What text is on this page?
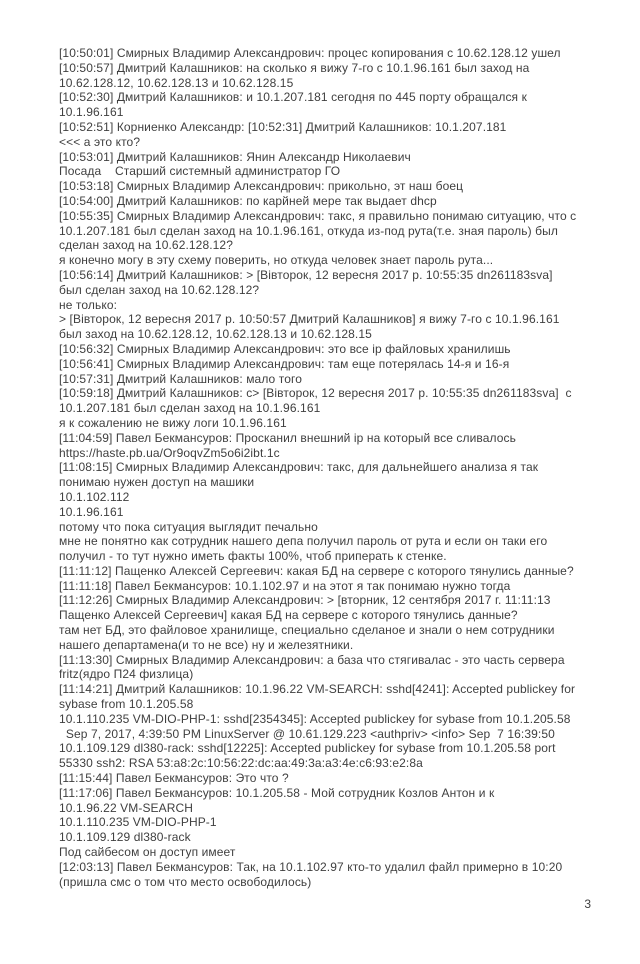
[10:50:01] Смирных Владимир Александрович: процес копирования с 10.62.128.12 ушел
[10:50:57] Дмитрий Калашников: на сколько я вижу 7-го с 10.1.96.161 был заход на
10.62.128.12, 10.62.128.13 и 10.62.128.15
[10:52:30] Дмитрий Калашников: и 10.1.207.181 сегодня по 445 порту обращался к
10.1.96.161
[10:52:51] Корниенко Александр: [10:52:31] Дмитрий Калашников: 10.1.207.181
<<< а это кто?
[10:53:01] Дмитрий Калашников: Янин Александр Николаевич
Посада    Старший системный администратор ГО
[10:53:18] Смирных Владимир Александрович: прикольно, эт наш боец
[10:54:00] Дмитрий Калашников: по карйней мере так выдает dhcp
[10:55:35] Смирных Владимир Александрович: такс, я правильно понимаю ситуацию, что с
10.1.207.181 был сделан заход на 10.1.96.161, откуда из-под рута(т.е. зная пароль) был
сделан заход на 10.62.128.12?
я конечно могу в эту схему поверить, но откуда человек знает пароль рута...
[10:56:14] Дмитрий Калашников: > [Вівторок, 12 вересня 2017 р. 10:55:35 dn261183sva]
был сделан заход на 10.62.128.12?
не только:
> [Вівторок, 12 вересня 2017 р. 10:50:57 Дмитрий Калашников] я вижу 7-го с 10.1.96.161
был заход на 10.62.128.12, 10.62.128.13 и 10.62.128.15
[10:56:32] Смирных Владимир Александрович: это все ip файловых хранилишь
[10:56:41] Смирных Владимир Александрович: там еще потерялась 14-я и 16-я
[10:57:31] Дмитрий Калашников: мало того
[10:59:18] Дмитрий Калашников: с> [Вівторок, 12 вересня 2017 р. 10:55:35 dn261183sva]  с
10.1.207.181 был сделан заход на 10.1.96.161
я к сожалению не вижу логи 10.1.96.161
[11:04:59] Павел Бекмансуров: Просканил внешний ip на который все сливалось
https://haste.pb.ua/Or9oqvZm5o6i2ibt.1c
[11:08:15] Смирных Владимир Александрович: такс, для дальнейшего анализа я так
понимаю нужен доступ на машики
10.1.102.112
10.1.96.161
потому что пока ситуация выглядит печально
мне не понятно как сотрудник нашего депа получил пароль от рута и если он таки его
получил - то тут нужно иметь факты 100%, чтоб приперать к стенке.
[11:11:12] Пащенко Алексей Сергеевич: какая БД на сервере с которого тянулись данные?
[11:11:18] Павел Бекмансуров: 10.1.102.97 и на этот я так понимаю нужно тогда
[11:12:26] Смирных Владимир Александрович: > [вторник, 12 сентября 2017 г. 11:11:13
Пащенко Алексей Сергеевич] какая БД на сервере с которого тянулись данные?
там нет БД, это файловое хранилище, специально сделаное и знали о нем сотрудники
нашего департамена(и то не все) ну и железятники.
[11:13:30] Смирных Владимир Александрович: а база что стягивалас - это часть сервера
fritz(ядро П24 физлица)
[11:14:21] Дмитрий Калашников: 10.1.96.22 VM-SEARCH: sshd[4241]: Accepted publickey for
sybase from 10.1.205.58
10.1.110.235 VM-DIO-PHP-1: sshd[2354345]: Accepted publickey for sybase from 10.1.205.58
Sep 7, 2017, 4:39:50 PM LinuxServer @ 10.61.129.223 <authpriv> <info> Sep  7 16:39:50
10.1.109.129 dl380-rack: sshd[12225]: Accepted publickey for sybase from 10.1.205.58 port
55330 ssh2: RSA 53:a8:2c:10:56:22:dc:aa:49:3a:a3:4e:c6:93:e2:8a
[11:15:44] Павел Бекмансуров: Это что ?
[11:17:06] Павел Бекмансуров: 10.1.205.58 - Мой сотрудник Козлов Антон и к
10.1.96.22 VM-SEARCH
10.1.110.235 VM-DIO-PHP-1
10.1.109.129 dl380-rack
Под сайбесом он доступ имеет
[12:03:13] Павел Бекмансуров: Так, на 10.1.102.97 кто-то удалил файл примерно в 10:20
(пришла смс о том что место освободилось)
3
